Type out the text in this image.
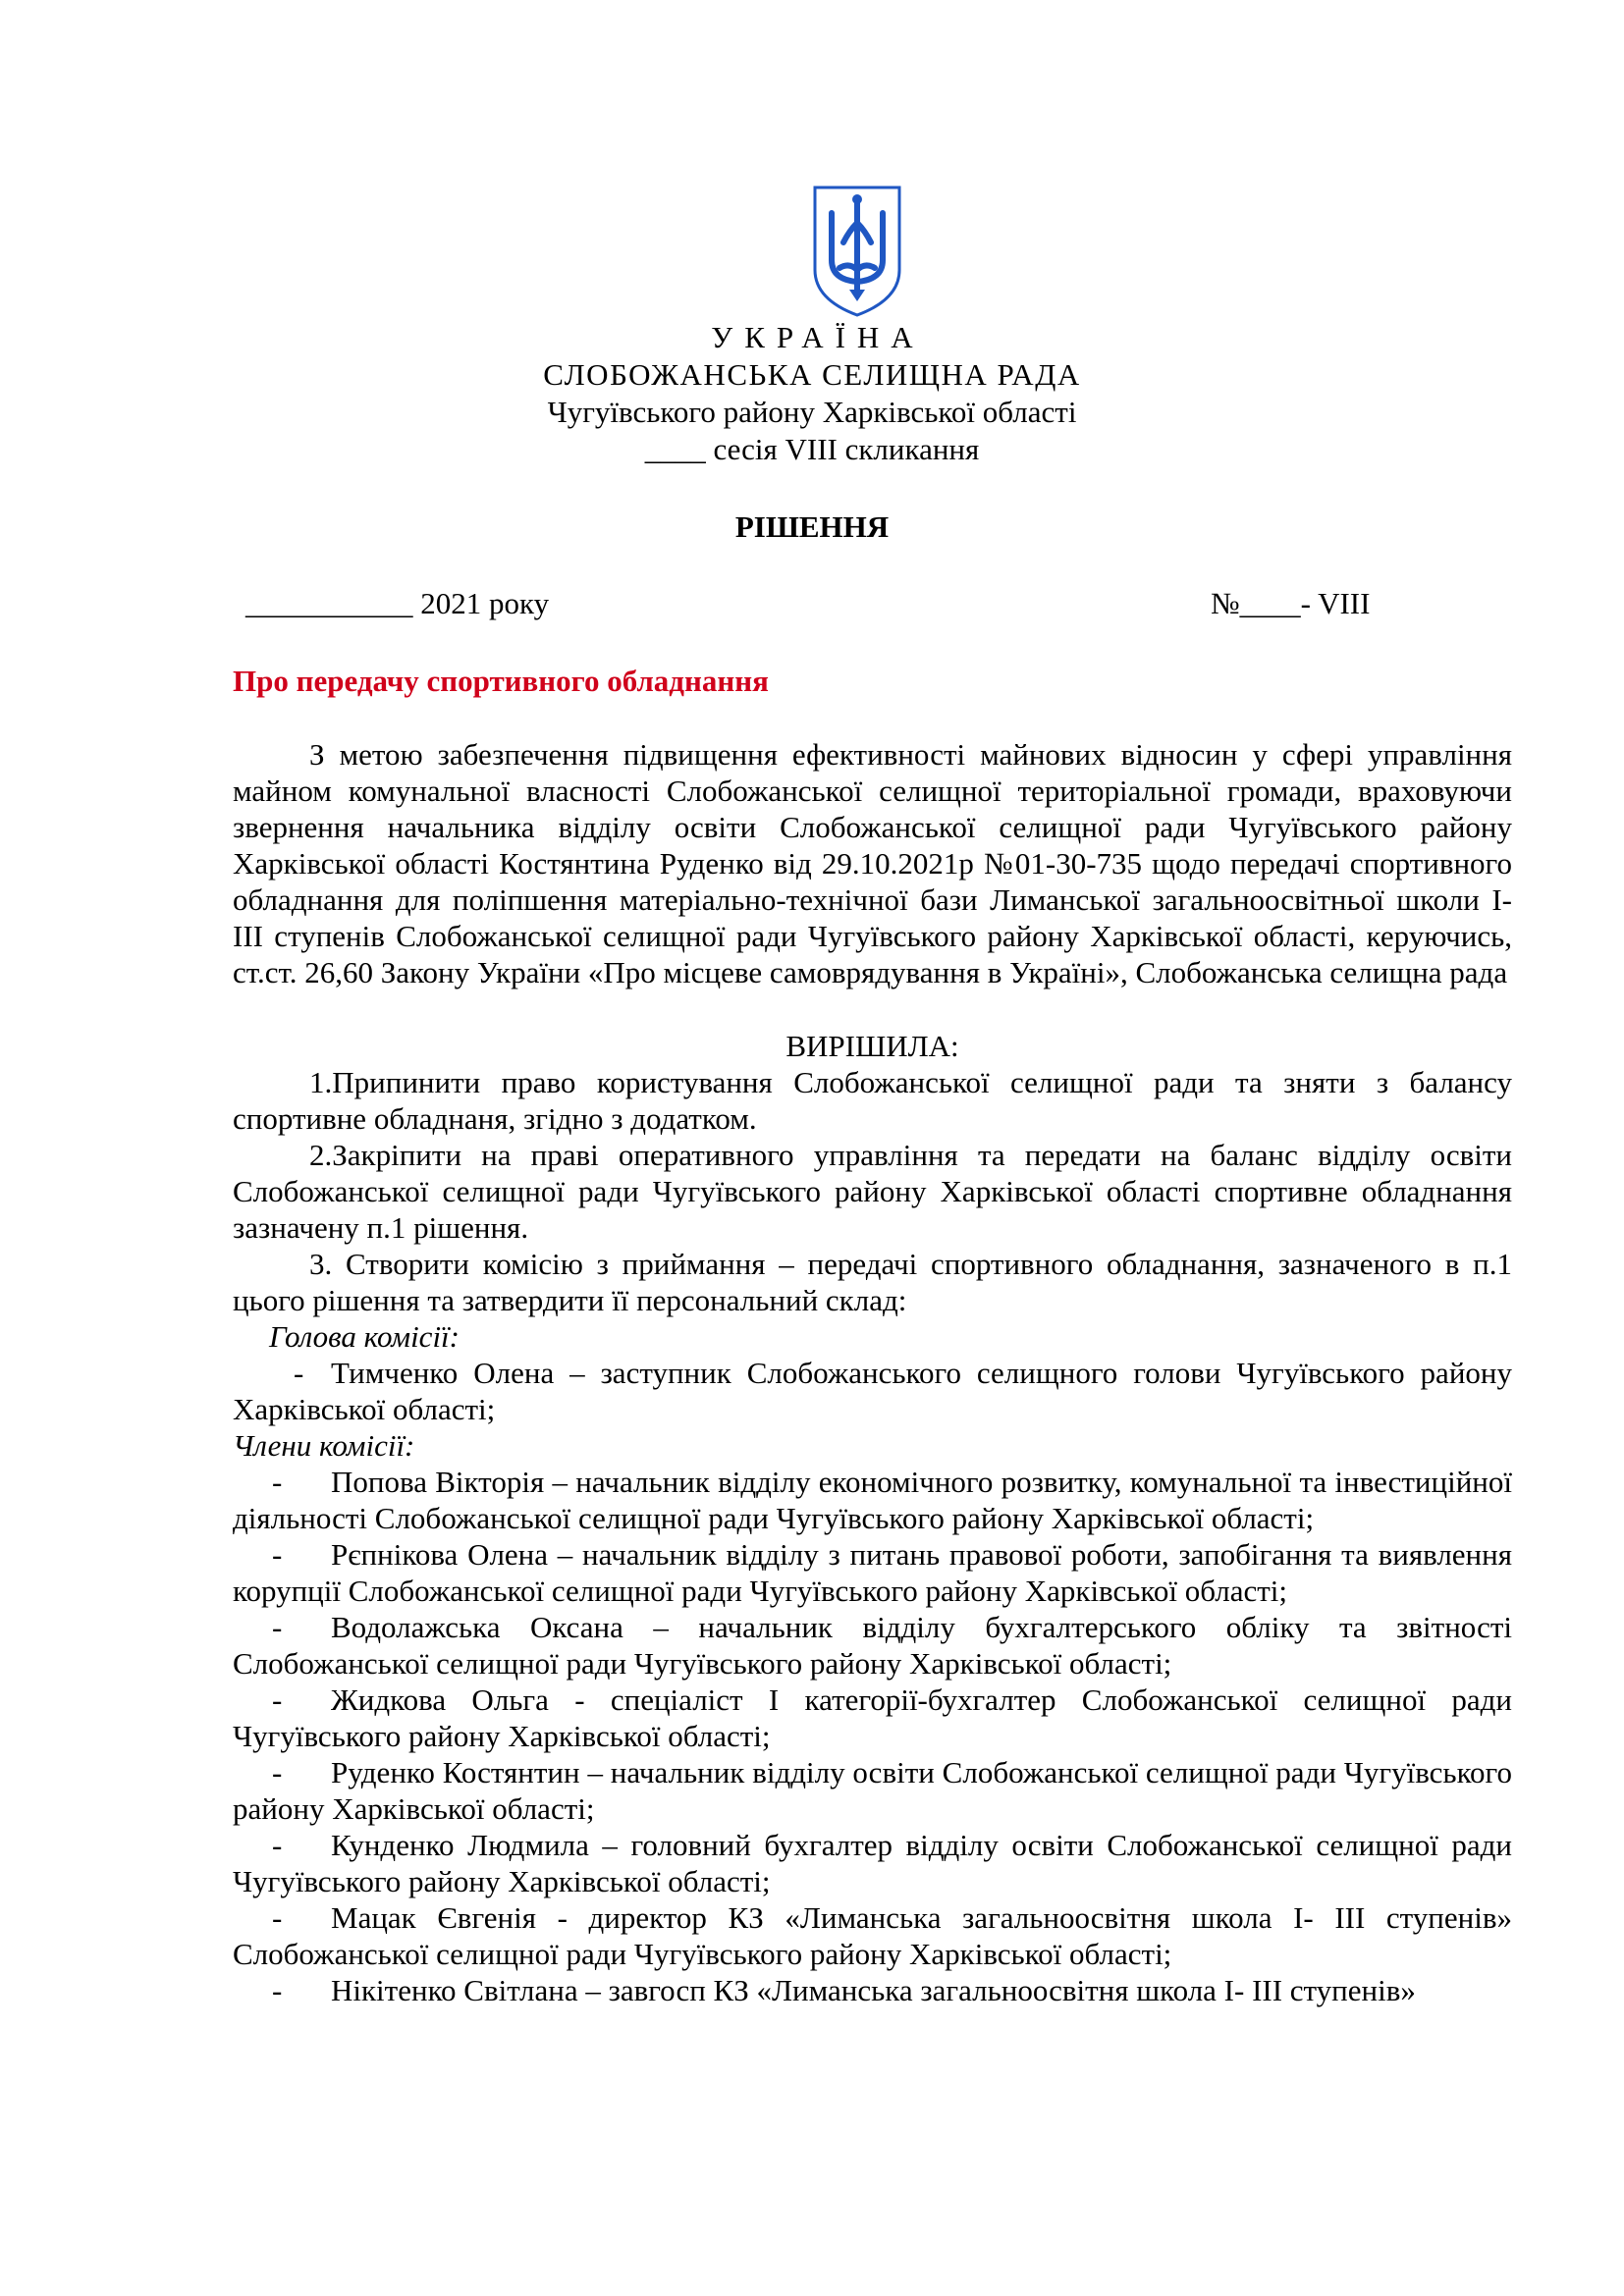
УКРАЇНА

СЛОБОЖАНСЬКА СЕЛИЩНА РАДА

Чугуївського району Харківської області

____ сесія VIII скликання

РІШЕННЯ

___________ 2021 року	№____- VIII

Про передачу спортивного обладнання

З метою забезпечення підвищення ефективності майнових відносин у сфері управління майном комунальної власності Слобожанської селищної територіальної громади, враховуючи звернення начальника відділу освіти Слобожанської селищної ради Чугуївського району Харківської області Костянтина Руденко від 29.10.2021р №01-30-735 щодо передачі спортивного обладнання для поліпшення матеріально-технічної бази Лиманської загальноосвітньої школи І- ІІІ ступенів Слобожанської селищної ради Чугуївського району Харківської області, керуючись, ст.ст. 26,60 Закону України «Про місцеве самоврядування в Україні», Слобожанська селищна рада

ВИРІШИЛА:

1.Припинити право користування Слобожанської селищної ради та зняти з балансу спортивне обладнаня, згідно з додатком.

2.Закріпити на праві оперативного управління та передати на баланс відділу освіти Слобожанської селищної ради Чугуївського району Харківської області спортивне обладнання зазначену п.1 рішення.

3. Створити комісію з приймання – передачі спортивного обладнання, зазначеного в п.1 цього рішення та затвердити її персональний склад:

Голова комісії:

- Тимченко Олена – заступник Слобожанського селищного голови Чугуївського району Харківської області;

Члени комісії:

- Попова Вікторія – начальник відділу економічного розвитку, комунальної та інвестиційної діяльності Слобожанської селищної ради Чугуївського району Харківської області;

- Рєпнікова Олена – начальник відділу з питань правової роботи, запобігання та виявлення корупції Слобожанської селищної ради Чугуївського району Харківської області;

- Водолажська Оксана – начальник відділу бухгалтерського обліку та звітності Слобожанської селищної ради Чугуївського району Харківської області;

- Жидкова Ольга - спеціаліст І категорії-бухгалтер Слобожанської селищної ради Чугуївського району Харківської області;

- Руденко Костянтин – начальник відділу освіти Слобожанської селищної ради Чугуївського району Харківської області;

- Кунденко Людмила – головний бухгалтер відділу освіти Слобожанської селищної ради Чугуївського району Харківської області;

- Мацак Євгенія - директор КЗ «Лиманська загальноосвітня школа І- ІІІ ступенів» Слобожанської селищної ради Чугуївського району Харківської області;

- Нікітенко Світлана – завгосп КЗ «Лиманська загальноосвітня школа І- ІІІ ступенів»
